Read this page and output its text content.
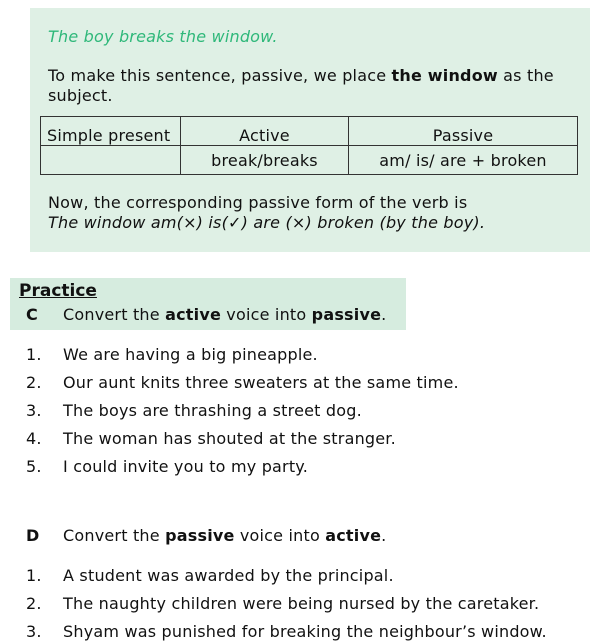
The boy breaks the window.
To make this sentence, passive, we place the window as the subject.
Simple present	Active	Passive
	break/breaks	am/ is/ are + broken
Now, the corresponding passive form of the verb is
The window am(×) is(✓) are (×) broken (by the boy).
Practice
C Convert the active voice into passive.
1. We are having a big pineapple.
2. Our aunt knits three sweaters at the same time.
3. The boys are thrashing a street dog.
4. The woman has shouted at the stranger.
5. I could invite you to my party.
D Convert the passive voice into active.
1. A student was awarded by the principal.
2. The naughty children were being nursed by the caretaker.
3. Shyam was punished for breaking the neighbour’s window.
